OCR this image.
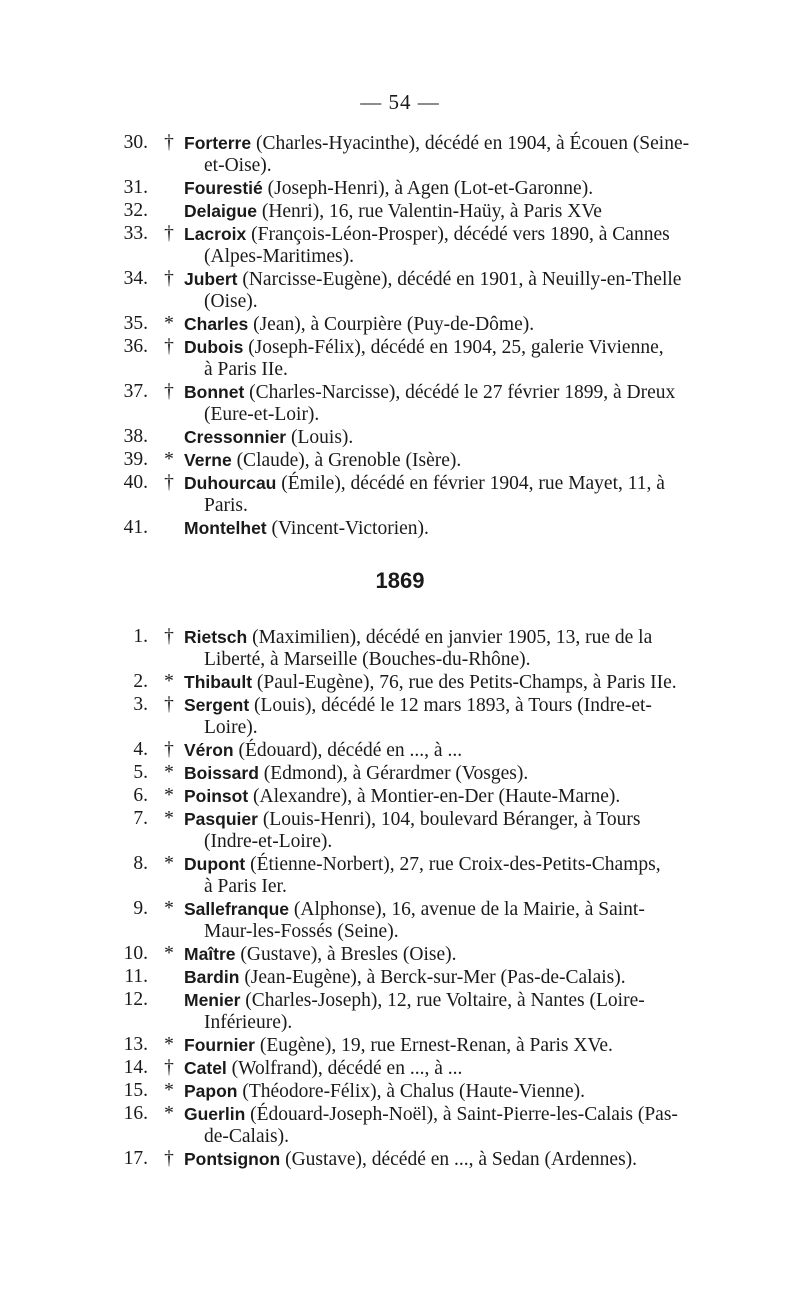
— 54 —
30. † Forterre (Charles-Hyacinthe), décédé en 1904, à Écouen (Seine-
et-Oise).
31. Fourestié (Joseph-Henri), à Agen (Lot-et-Garonne).
32. Delaigue (Henri), 16, rue Valentin-Haüy, à Paris XVe
33. † Lacroix (François-Léon-Prosper), décédé vers 1890, à Cannes
(Alpes-Maritimes).
34. † Jubert (Narcisse-Eugène), décédé en 1901, à Neuilly-en-Thelle
(Oise).
35. * Charles (Jean), à Courpière (Puy-de-Dôme).
36. † Dubois (Joseph-Félix), décédé en 1904, 25, galerie Vivienne,
à Paris IIe.
37. † Bonnet (Charles-Narcisse), décédé le 27 février 1899, à Dreux
(Eure-et-Loir).
38. Cressonnier (Louis).
39. * Verne (Claude), à Grenoble (Isère).
40. † Duhourcau (Émile), décédé en février 1904, rue Mayet, 11, à
Paris.
41. Montelhet (Vincent-Victorien).
1869
1. † Rietsch (Maximilien), décédé en janvier 1905, 13, rue de la
Liberté, à Marseille (Bouches-du-Rhône).
2. * Thibault (Paul-Eugène), 76, rue des Petits-Champs, à Paris IIe.
3. † Sergent (Louis), décédé le 12 mars 1893, à Tours (Indre-et-
Loire).
4. † Véron (Édouard), décédé en ..., à ...
5. * Boissard (Edmond), à Gérardmer (Vosges).
6. * Poinsot (Alexandre), à Montier-en-Der (Haute-Marne).
7. * Pasquier (Louis-Henri), 104, boulevard Béranger, à Tours
(Indre-et-Loire).
8. * Dupont (Étienne-Norbert), 27, rue Croix-des-Petits-Champs,
à Paris Ier.
9. * Sallefranque (Alphonse), 16, avenue de la Mairie, à Saint-
Maur-les-Fossés (Seine).
10. * Maître (Gustave), à Bresles (Oise).
11. Bardin (Jean-Eugène), à Berck-sur-Mer (Pas-de-Calais).
12. Menier (Charles-Joseph), 12, rue Voltaire, à Nantes (Loire-
Inférieure).
13. * Fournier (Eugène), 19, rue Ernest-Renan, à Paris XVe.
14. † Catel (Wolfrand), décédé en ..., à ...
15. * Papon (Théodore-Félix), à Chalus (Haute-Vienne).
16. * Guerlin (Édouard-Joseph-Noël), à Saint-Pierre-les-Calais (Pas-
de-Calais).
17. † Pontsignon (Gustave), décédé en ..., à Sedan (Ardennes).
